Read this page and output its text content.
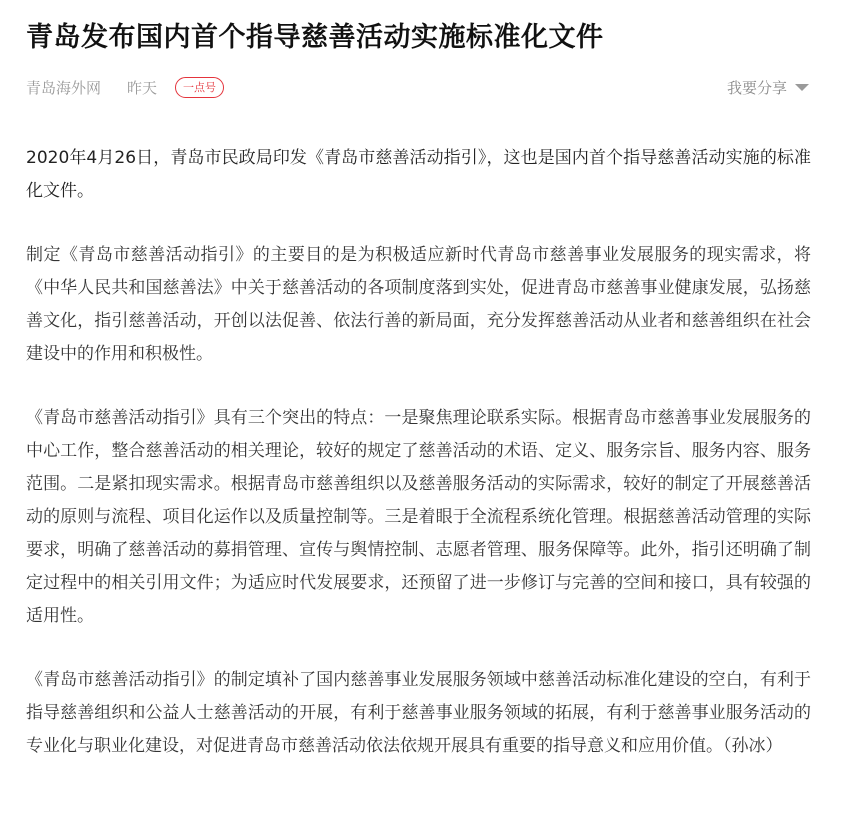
青岛发布国内首个指导慈善活动实施标准化文件
青岛海外网 昨天	一点号	我要分享

2020年4月26日，青岛市民政局印发《青岛市慈善活动指引》，这也是国内首个指导慈善活动实施的标准化文件。

制定《青岛市慈善活动指引》的主要目的是为积极适应新时代青岛市慈善事业发展服务的现实需求，将《中华人民共和国慈善法》中关于慈善活动的各项制度落到实处，促进青岛市慈善事业健康发展，弘扬慈善文化，指引慈善活动，开创以法促善、依法行善的新局面，充分发挥慈善活动从业者和慈善组织在社会建设中的作用和积极性。

《青岛市慈善活动指引》具有三个突出的特点：一是聚焦理论联系实际。根据青岛市慈善事业发展服务的中心工作，整合慈善活动的相关理论，较好的规定了慈善活动的术语、定义、服务宗旨、服务内容、服务范围。二是紧扣现实需求。根据青岛市慈善组织以及慈善服务活动的实际需求，较好的制定了开展慈善活动的原则与流程、项目化运作以及质量控制等。三是着眼于全流程系统化管理。根据慈善活动管理的实际要求，明确了慈善活动的募捐管理、宣传与舆情控制、志愿者管理、服务保障等。此外，指引还明确了制定过程中的相关引用文件；为适应时代发展要求，还预留了进一步修订与完善的空间和接口，具有较强的适用性。

《青岛市慈善活动指引》的制定填补了国内慈善事业发展服务领域中慈善活动标准化建设的空白，有利于指导慈善组织和公益人士慈善活动的开展，有利于慈善事业服务领域的拓展，有利于慈善事业服务活动的专业化与职业化建设，对促进青岛市慈善活动依法依规开展具有重要的指导意义和应用价值。（孙冰）
